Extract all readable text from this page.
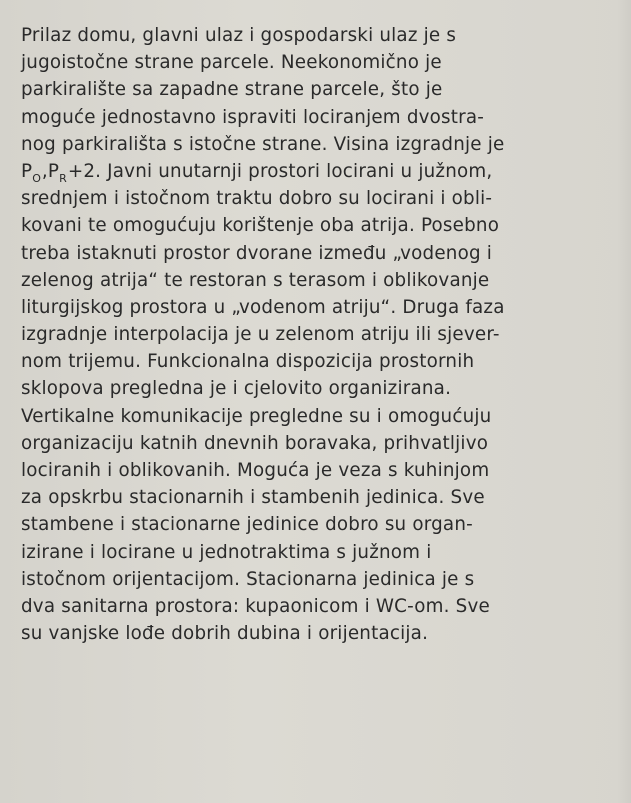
Prilaz domu, glavni ulaz i gospodarski ulaz je s
jugoistočne strane parcele. Neekonomično je
parkiralište sa zapadne strane parcele, što je
moguće jednostavno ispraviti lociranjem dvostra-
nog parkirališta s istočne strane. Visina izgradnje je
$P_O,P_R+2$. Javni unutarnji prostori locirani u južnom,
srednjem i istočnom traktu dobro su locirani i obli-
kovani te omogućuju korištenje oba atrija. Posebno
treba istaknuti prostor dvorane između „vodenog i
zelenog atrija“ te restoran s terasom i oblikovanje
liturgijskog prostora u „vodenom atriju“. Druga faza
izgradnje interpolacija je u zelenom atriju ili sjever-
nom trijemu. Funkcionalna dispozicija prostornih
sklopova pregledna je i cjelovito organizirana.
Vertikalne komunikacije pregledne su i omogućuju
organizaciju katnih dnevnih boravaka, prihvatljivo
lociranih i oblikovanih. Moguća je veza s kuhinjom
za opskrbu stacionarnih i stambenih jedinica. Sve
stambene i stacionarne jedinice dobro su organ-
izirane i locirane u jednotraktima s južnom i
istočnom orijentacijom. Stacionarna jedinica je s
dva sanitarna prostora: kupaonicom i WC-om. Sve
su vanjske lođe dobrih dubina i orijentacija.
